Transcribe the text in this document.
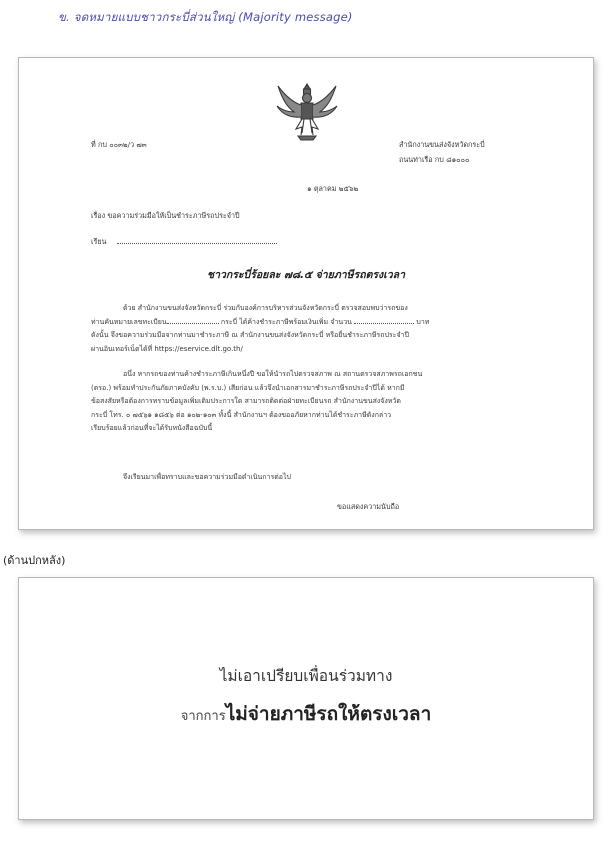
ข. จดหมายแบบชาวกระบี่ส่วนใหญ่ (Majority message)
ที่ กบ ๐๐๓๒/ว ๗๓	สำนักงานขนส่งจังหวัดกระบี่
ถนนท่าเรือ กบ ๘๑๐๐๐
๑ ตุลาคม ๒๕๖๒
เรื่อง ขอความร่วมมือให้เป็นชำระภาษีรถประจำปี
เรียน
ชาวกระบี่ร้อยละ ๗๘.๕ จ่ายภาษีรถตรงเวลา
ด้วย สำนักงานขนส่งจังหวัดกระบี่ ร่วมกับองค์การบริหารส่วนจังหวัดกระบี่ ตรวจสอบพบว่ารถของ
ท่านคันหมายเลขทะเบียน	กระบี่ ได้ค้างชำระภาษีพร้อมเงินเพิ่ม จำนวน	บาท
ดังนั้น จึงขอความร่วมมือจากท่านมาชำระภาษี ณ สำนักงานขนส่งจังหวัดกระบี่ หรือยื่นชำระภาษีรถประจำปี
ผ่านอินเทอร์เน็ตได้ที่ https://eservice.dlt.go.th/
อนึ่ง หากรถของท่านค้างชำระภาษีเกินหนึ่งปี ขอให้นำรถไปตรวจสภาพ ณ สถานตรวจสภาพรถเอกชน
(ตรอ.) พร้อมทำประกันภัยภาคบังคับ (พ.ร.บ.) เสียก่อน แล้วจึงนำเอกสารมาชำระภาษีรถประจำปีได้ หากมี
ข้อสงสัยหรือต้องการทราบข้อมูลเพิ่มเติมประการใด สามารถติดต่อฝ่ายทะเบียนรถ สำนักงานขนส่งจังหวัด
กระบี่ โทร. ๐ ๗๕๖๑ ๑๘๕๖ ต่อ ๑๐๒-๑๐๓ ทั้งนี้ สำนักงานฯ ต้องขออภัยหากท่านได้ชำระภาษีดังกล่าว
เรียบร้อยแล้วก่อนที่จะได้รับหนังสือฉบับนี้
จึงเรียนมาเพื่อทราบและขอความร่วมมือดำเนินการต่อไป
ขอแสดงความนับถือ
(ด้านปกหลัง)
ไม่เอาเปรียบเพื่อนร่วมทาง
จากการไม่จ่ายภาษีรถให้ตรงเวลา
